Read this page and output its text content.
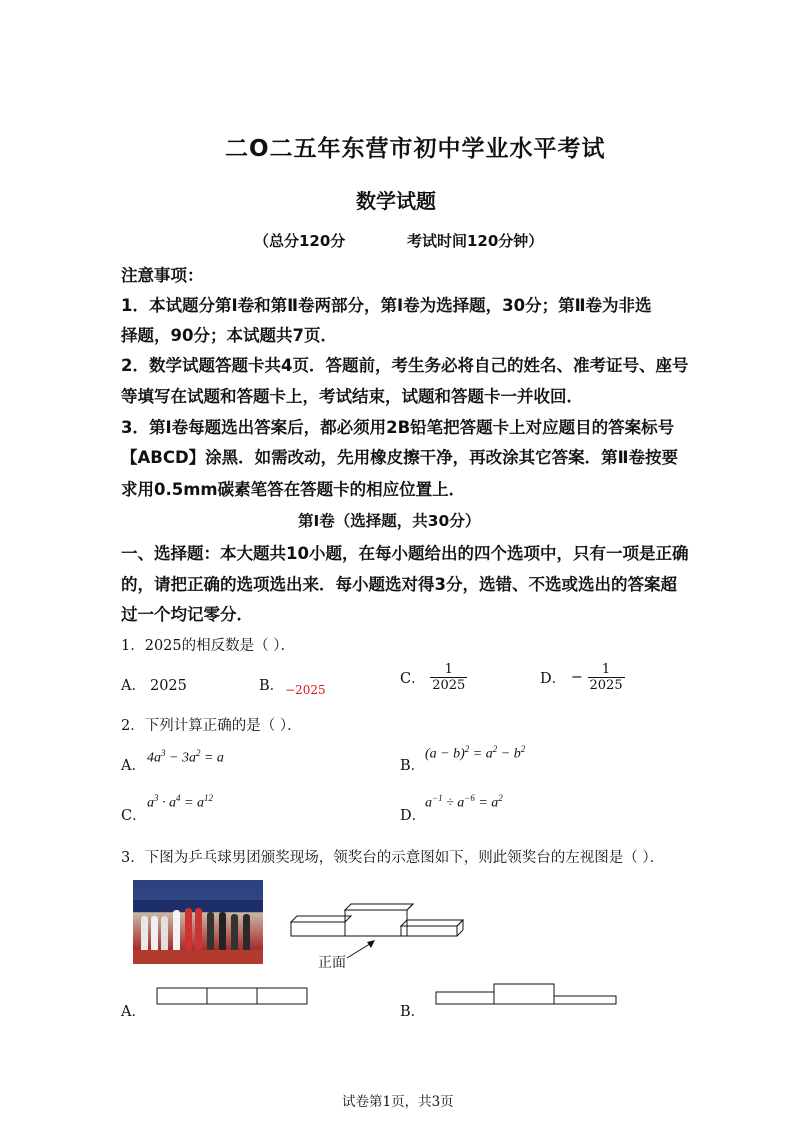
二O二五年东营市初中学业水平考试
数学试题
（总分120分	考试时间120分钟）
注意事项：
1．本试题分第Ⅰ卷和第Ⅱ卷两部分，第Ⅰ卷为选择题，30分；第Ⅱ卷为非选
择题，90分；本试题共7页．
2．数学试题答题卡共4页．答题前，考生务必将自己的姓名、准考证号、座号
等填写在试题和答题卡上，考试结束，试题和答题卡一并收回．
3．第Ⅰ卷每题选出答案后，都必须用2B铅笔把答题卡上对应题目的答案标号
【ABCD】涂黑．如需改动，先用橡皮擦干净，再改涂其它答案．第Ⅱ卷按要
求用0.5mm碳素笔答在答题卡的相应位置上．
第Ⅰ卷（选择题，共30分）
一、选择题：本大题共10小题，在每小题给出的四个选项中，只有一项是正确
的，请把正确的选项选出来．每小题选对得3分，选错、不选或选出的答案超
过一个均记零分．
1．2025的相反数是（ ）．
A． 2025	B． −2025
C． $\frac{1}{2025}$	D． − $\frac{1}{2025}$
2．下列计算正确的是（ ）．
A． $4a^3 - 3a^2 = a$	B．
$(a - b)^2 = a^2 - b^2$
C．
$a^3 \cdot a^4 = a^{12}$
D．
$a^{-1} \div a^{-6} = a^2$
3．下图为乒乓球男团颁奖现场，领奖台的示意图如下，则此领奖台的左视图是（ ）．
正面
A．	B．
试卷第1页，共3页
